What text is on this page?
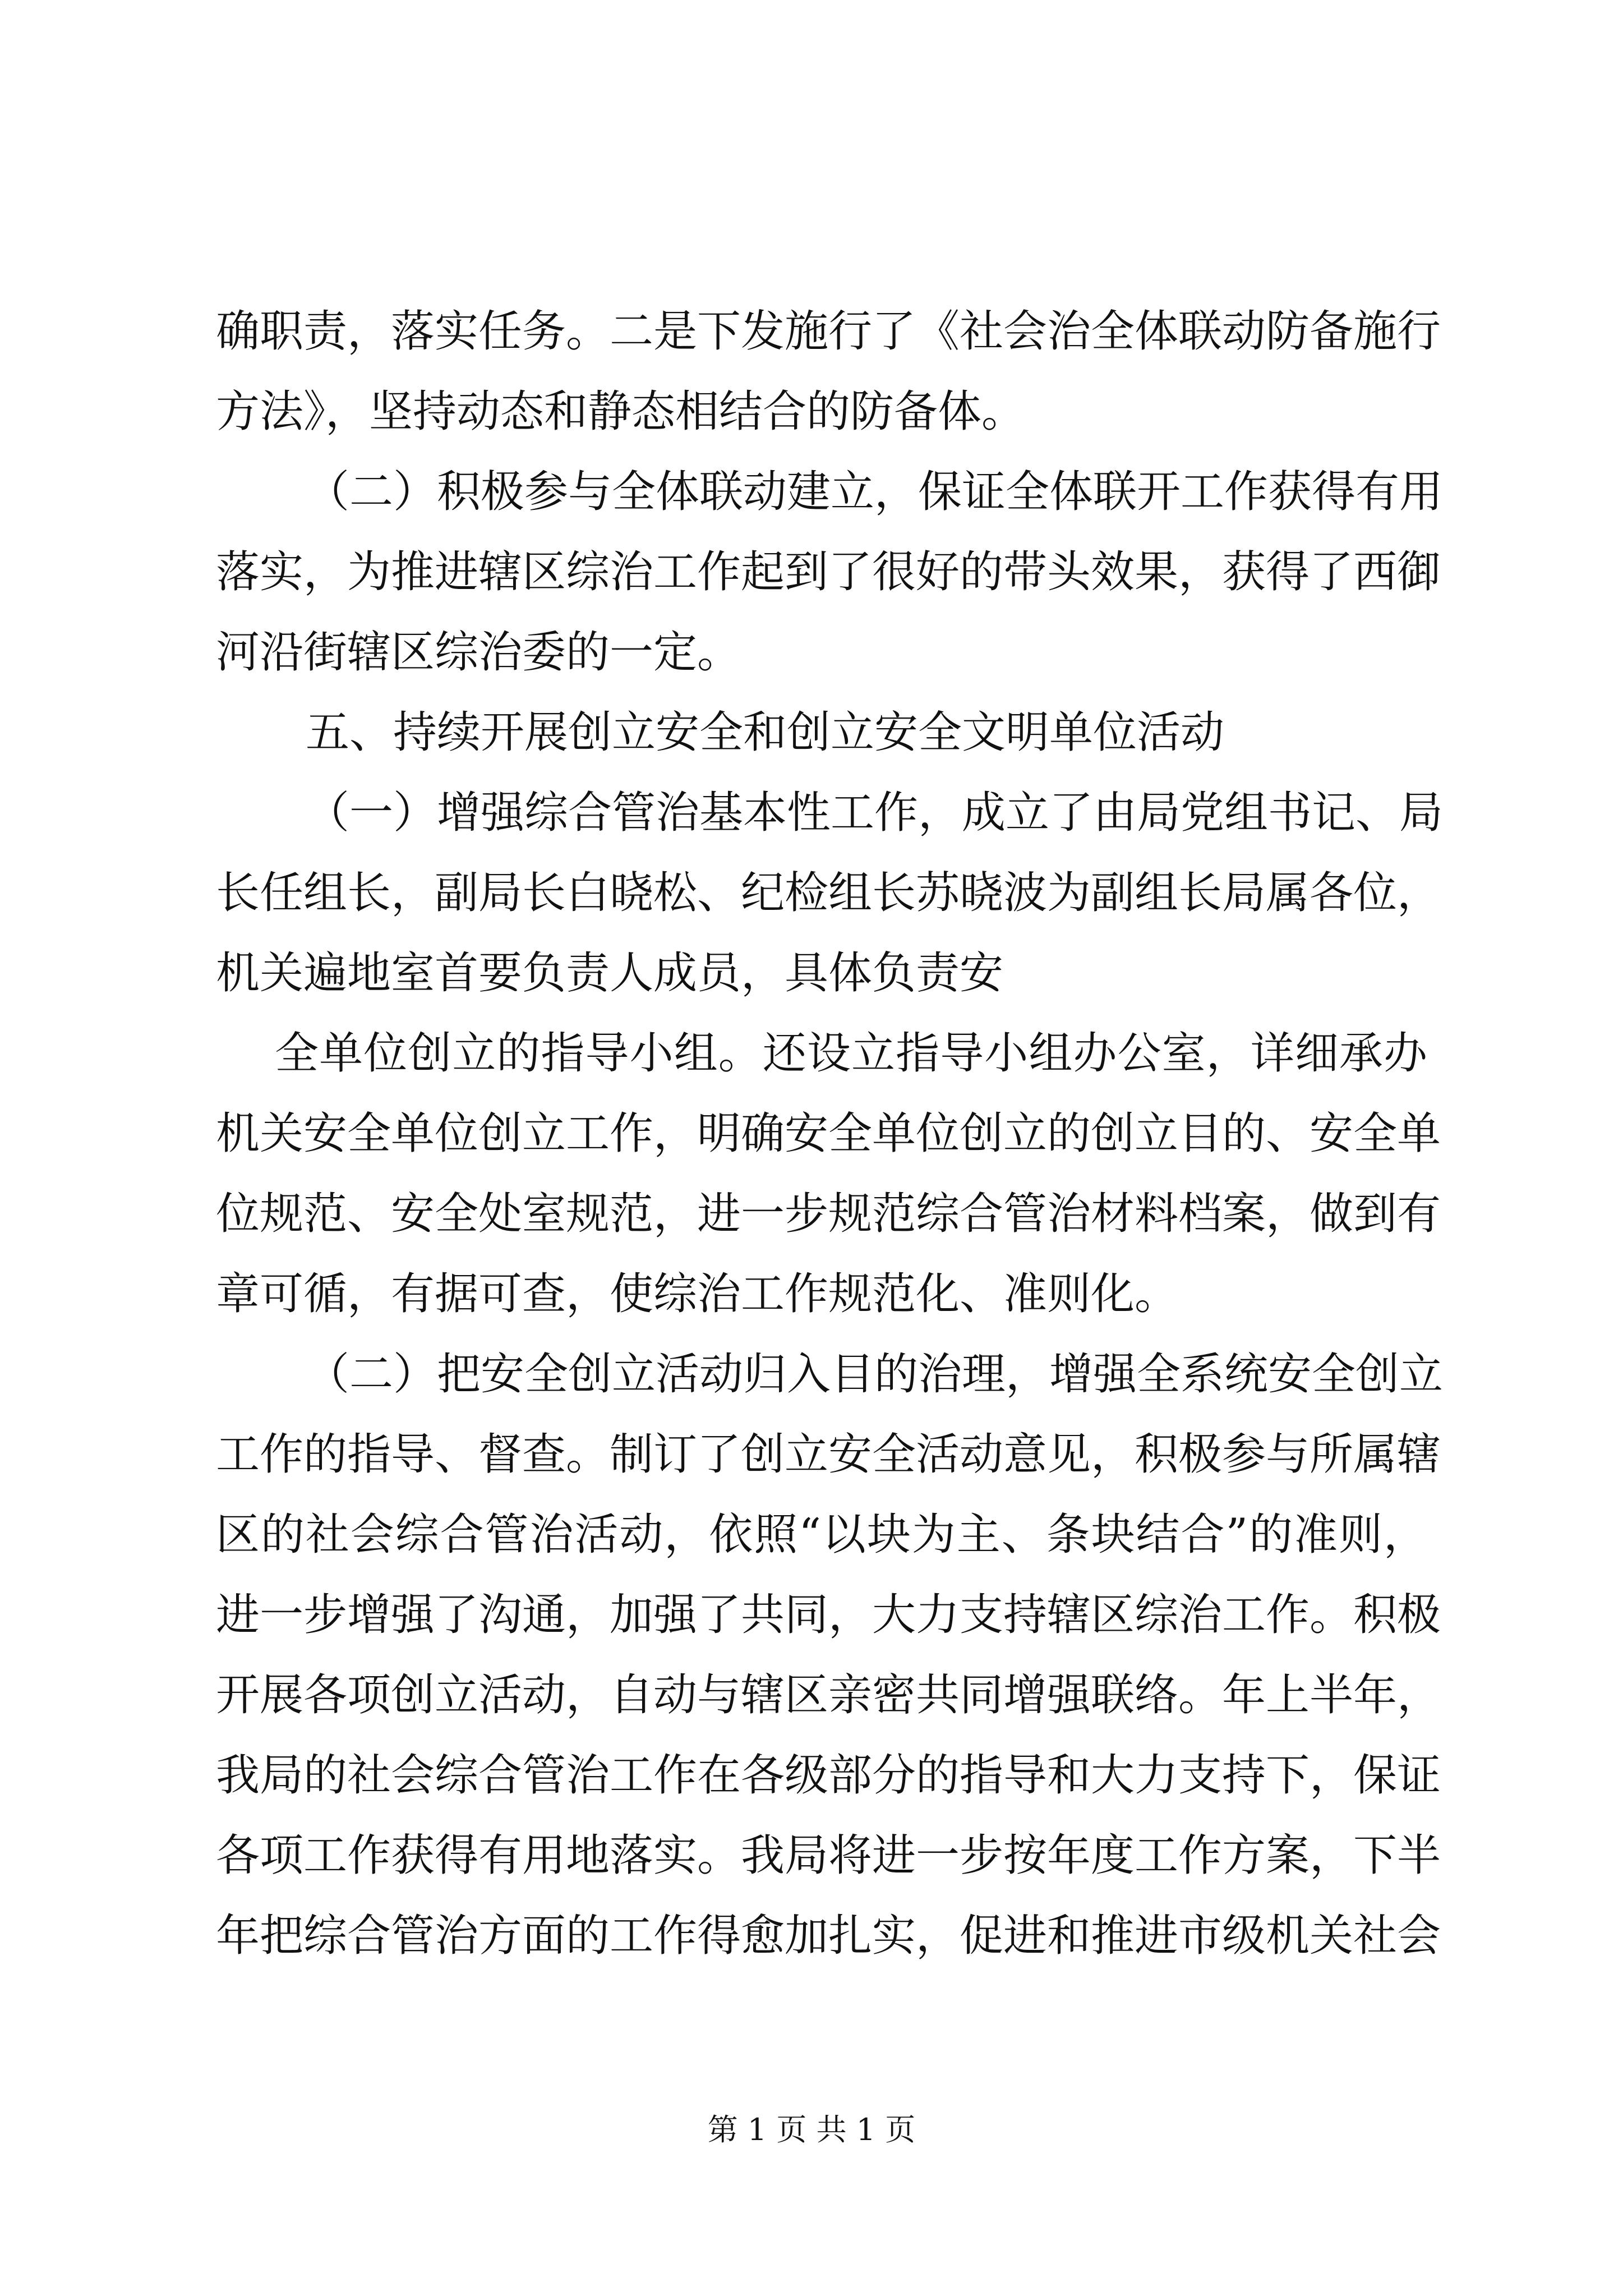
确职责，落实任务。二是下发施行了《社会治全体联动防备施行
方法》，坚持动态和静态相结合的防备体。
（二）积极参与全体联动建立，保证全体联开工作获得有用
落实，为推进辖区综治工作起到了很好的带头效果，获得了西御
河沿街辖区综治委的一定。
五、持续开展创立安全和创立安全文明单位活动
（一）增强综合管治基本性工作，成立了由局党组书记、局
长任组长，副局长白晓松、纪检组长苏晓波为副组长局属各位，
机关遍地室首要负责人成员，具体负责安
全单位创立的指导小组。还设立指导小组办公室，详细承办
机关安全单位创立工作，明确安全单位创立的创立目的、安全单
位规范、安全处室规范，进一步规范综合管治材料档案，做到有
章可循，有据可查，使综治工作规范化、准则化。
（二）把安全创立活动归入目的治理，增强全系统安全创立
工作的指导、督查。制订了创立安全活动意见，积极参与所属辖
区的社会综合管治活动，依照“以块为主、条块结合”的准则，
进一步增强了沟通，加强了共同，大力支持辖区综治工作。积极
开展各项创立活动，自动与辖区亲密共同增强联络。年上半年，
我局的社会综合管治工作在各级部分的指导和大力支持下，保证
各项工作获得有用地落实。我局将进一步按年度工作方案，下半
年把综合管治方面的工作得愈加扎实，促进和推进市级机关社会
第 1 页 共 1 页
